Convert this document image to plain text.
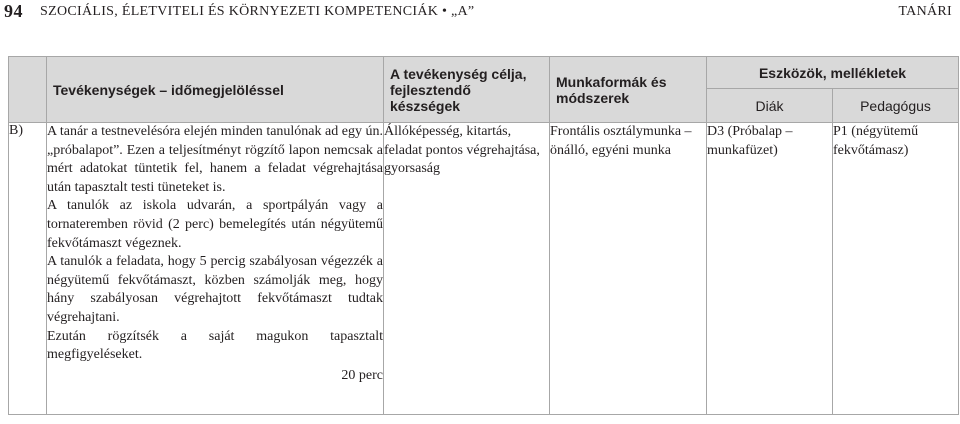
94 SZOCIÁLIS, ÉLETVITELI ÉS KÖRNYEZETI KOMPETENCIÁK • „A”	TANÁRI

	Tevékenységek – időmegjelöléssel	A tevékenység célja, fejlesztendő készségek	Munkaformák és módszerek	Eszközök, mellékletek	

				Diák	Pedagógus

B)	A tanár a testnevelésóra elején minden tanulónak ad egy ún. „próbalapot”. Ezen a teljesítményt rögzítő lapon nemcsak a mért adatokat tüntetik fel, hanem a feladat végrehajtása után tapasztalt testi tüneteket is.

A tanulók az iskola udvarán, a sportpályán vagy a tornateremben rövid (2 perc) bemelegítés után négyütemű fekvőtámaszt végeznek.

A tanulók a feladata, hogy 5 percig szabályosan végezzék a négyütemű fekvőtámaszt, közben számolják meg, hogy hány szabályosan végrehajtott fekvőtámaszt tudtak végrehajtani.

Ezután rögzítsék a saját magukon tapasztalt megfigyeléseket.

20 perc	Állóképesség, kitartás, feladat pontos végrehajtása, gyorsaság	Frontális osztálymunka – önálló, egyéni munka	D3 (Próbalap – munkafüzet)	P1 (négyütemű fekvőtámasz)
